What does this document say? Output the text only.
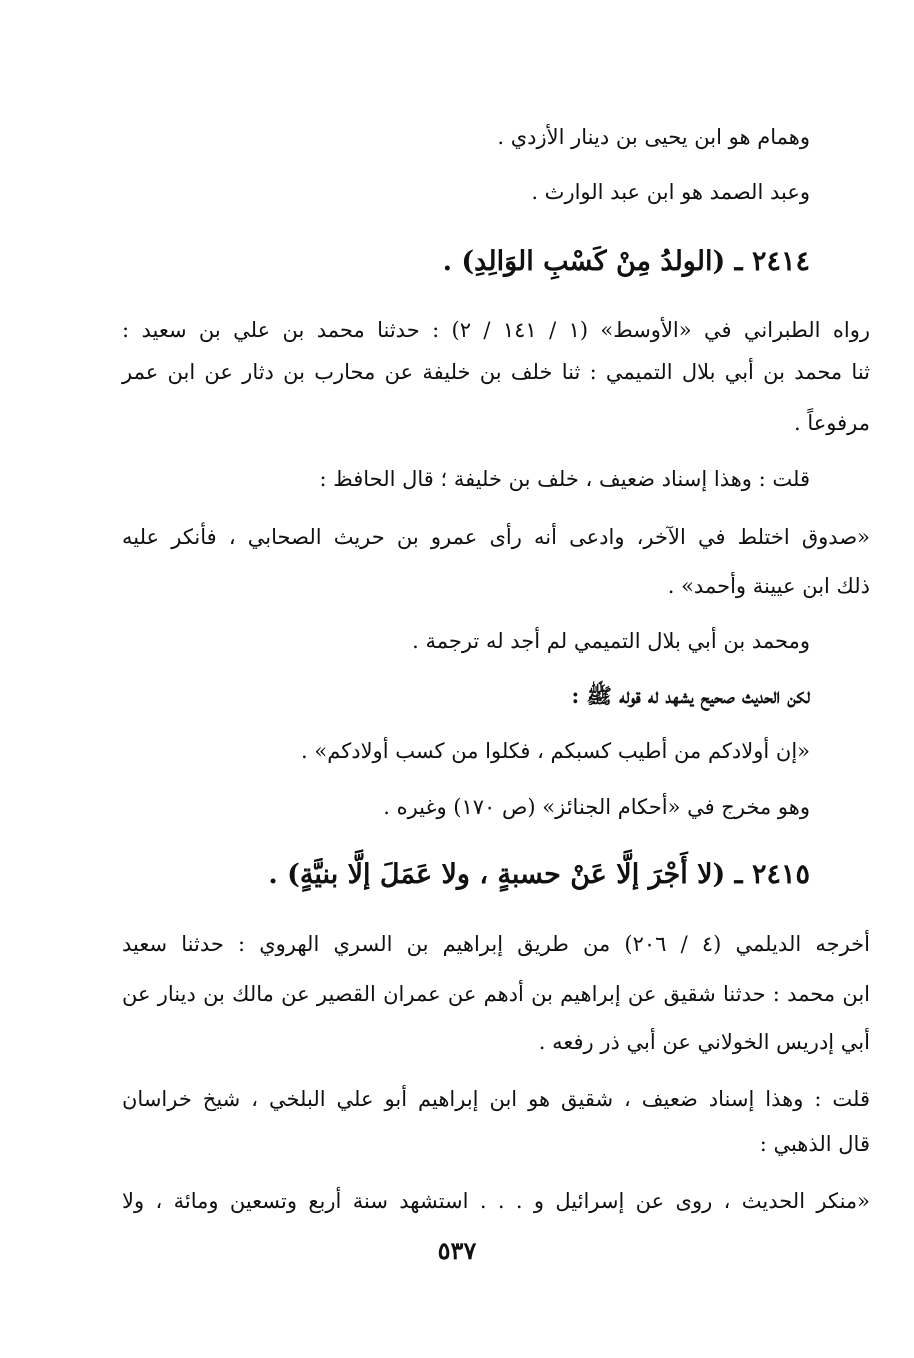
وهمام هو ابن يحيى بن دينار الأزدي .
وعبد الصمد هو ابن عبد الوارث .
٢٤١٤ ـ (الولدُ مِنْ كَسْبِ الوَالِدِ) .
رواه الطبراني في «الأوسط» (١ / ١٤١ / ٢) : حدثنا محمد بن علي بن سعيد :
ثنا محمد بن أبي بلال التميمي : ثنا خلف بن خليفة عن محارب بن دثار عن ابن عمر
مرفوعاً .
قلت : وهذا إسناد ضعيف ، خلف بن خليفة ؛ قال الحافظ :
«صدوق اختلط في الآخر، وادعى أنه رأى عمرو بن حريث الصحابي ، فأنكر عليه
ذلك ابن عيينة وأحمد» .
ومحمد بن أبي بلال التميمي لم أجد له ترجمة .
لكن الحديث صحيح يشهد له قوله ﷺ :
«إن أولادكم من أطيب كسبكم ، فكلوا من كسب أولادكم» .
وهو مخرج في «أحكام الجنائز» (ص ١٧٠) وغيره .
٢٤١٥ ـ (لا أَجْرَ إلَّا عَنْ حسبةٍ ، ولا عَمَلَ إلَّا بنيَّةٍ) .
أخرجه الديلمي (٤ / ٢٠٦) من طريق إبراهيم بن السري الهروي : حدثنا سعيد
ابن محمد : حدثنا شقيق عن إبراهيم بن أدهم عن عمران القصير عن مالك بن دينار عن
أبي إدريس الخولاني عن أبي ذر رفعه .
قلت : وهذا إسناد ضعيف ، شقيق هو ابن إبراهيم أبو علي البلخي ، شيخ خراسان
قال الذهبي :
«منكر الحديث ، روى عن إسرائيل و . . . استشهد سنة أربع وتسعين ومائة ، ولا
٥٣٧
